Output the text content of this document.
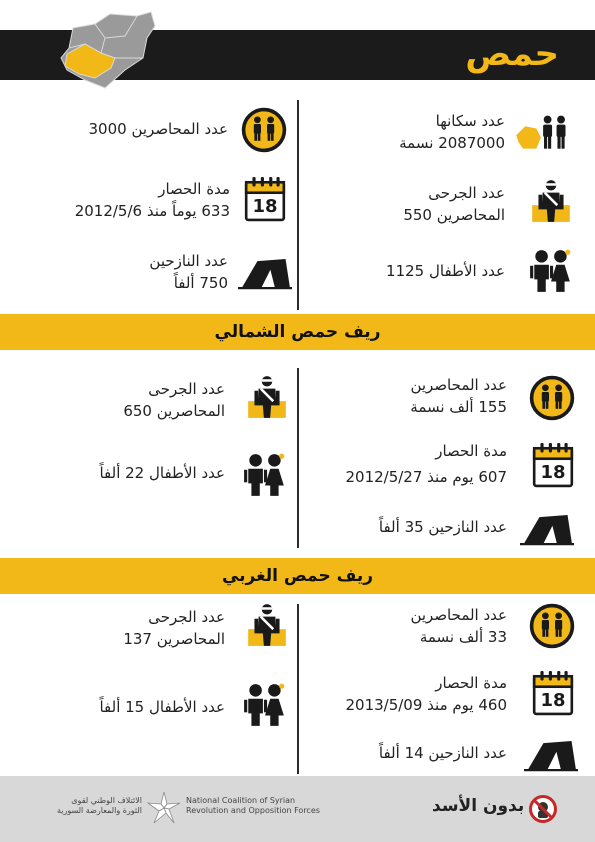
حمص
عدد سكانها
2087000 نسمة
عدد الجرحى
المحاصرين 550
عدد الأطفال 1125
عدد المحاصرين 3000
18
مدة الحصار
633 يوماً منذ 2012/5/6
عدد النازحين
750 ألفاً
ريف حمص الشمالي
عدد المحاصرين
155 ألف نسمة
18
مدة الحصار
607 يوم منذ 2012/5/27
عدد النازحين 35 ألفاً
عدد الجرحى
المحاصرين 650
عدد الأطفال 22 ألفاً
ريف حمص الغربي
عدد المحاصرين
33 ألف نسمة
18
مدة الحصار
460 يوم منذ 2013/5/09
عدد النازحين 14 ألفاً
عدد الجرحى
المحاصرين 137
عدد الأطفال 15 ألفاً
الائتلاف الوطني لقوى
الثورة والمعارضة السورية
National Coalition of Syrian
Revolution and Opposition Forces	بدون الأسد
